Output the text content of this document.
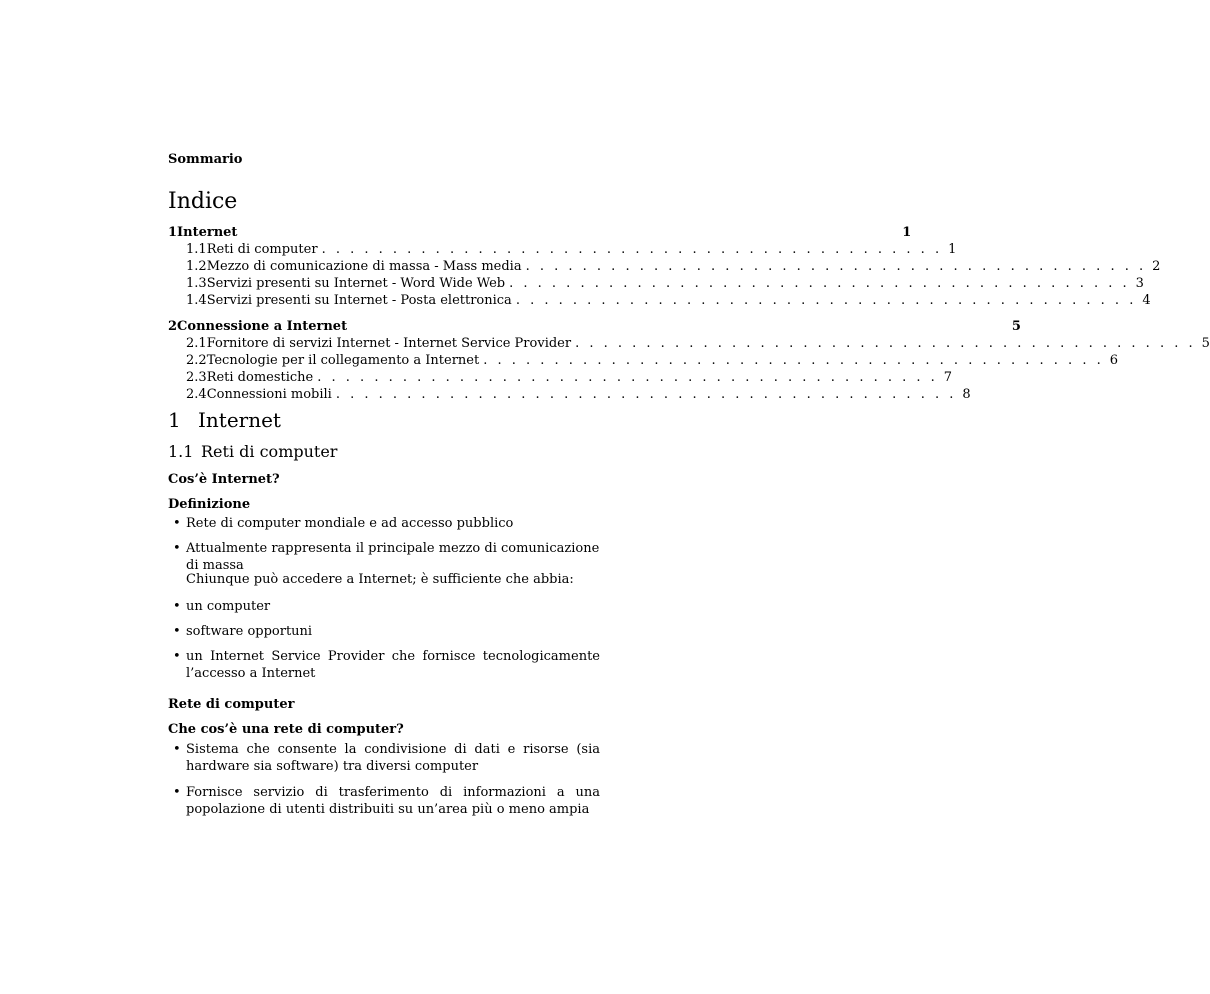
Sommario
Indice
1 Internet	1
1.1 Reti di computer . . . . . . . . . . . . . . . . . . . . . . . . . . . . . . . . . . . . . . . . . . . . 1
1.2 Mezzo di comunicazione di massa - Mass media . . . . . . . . . . . . . . . . . . . . . . . . . . . . . . . . . . . . . . . . . . . . 2
1.3 Servizi presenti su Internet - Word Wide Web . . . . . . . . . . . . . . . . . . . . . . . . . . . . . . . . . . . . . . . . . . . . 3
1.4 Servizi presenti su Internet - Posta elettronica . . . . . . . . . . . . . . . . . . . . . . . . . . . . . . . . . . . . . . . . . . . . 4
2 Connessione a Internet	5
2.1 Fornitore di servizi Internet - Internet Service Provider . . . . . . . . . . . . . . . . . . . . . . . . . . . . . . . . . . . . . . . . . . . . 5
2.2 Tecnologie per il collegamento a Internet . . . . . . . . . . . . . . . . . . . . . . . . . . . . . . . . . . . . . . . . . . . . 6
2.3 Reti domestiche . . . . . . . . . . . . . . . . . . . . . . . . . . . . . . . . . . . . . . . . . . . . 7
2.4 Connessioni mobili . . . . . . . . . . . . . . . . . . . . . . . . . . . . . . . . . . . . . . . . . . . . 8
1 Internet
1.1 Reti di computer
Cos’è Internet?
Definizione
• Rete di computer mondiale e ad accesso pubblico
• Attualmente rappresenta il principale mezzo di comunicazione di massa
Chiunque può accedere a Internet; è sufficiente che abbia:
• un computer
• software opportuni
• un Internet Service Provider che fornisce tecnologicamente l’accesso a Internet
Rete di computer
Che cos’è una rete di computer?
• Sistema che consente la condivisione di dati e risorse (sia hardware sia software) tra diversi computer
• Fornisce servizio di trasferimento di informazioni a una popolazione di utenti distribuiti su un’area più o meno ampia
